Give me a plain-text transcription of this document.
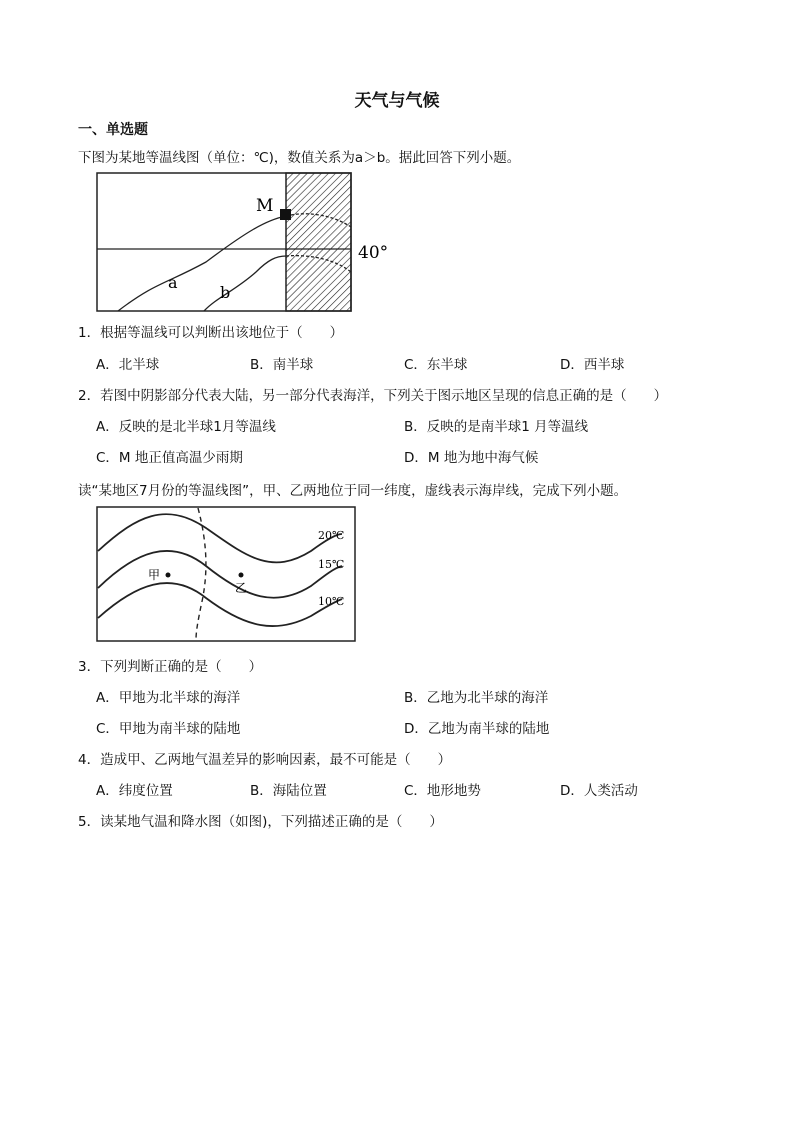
天气与气候
一、单选题
下图为某地等温线图（单位：℃)，数值关系为a＞b。据此回答下列小题。
M
a
b
40°
1．根据等温线可以判断出该地位于（　　）
A．北半球	B．南半球	C．东半球	D．西半球
2．若图中阴影部分代表大陆，另一部分代表海洋，下列关于图示地区呈现的信息正确的是（　　）
A．反映的是北半球1月等温线	B．反映的是南半球1 月等温线
C．M 地正值高温少雨期	D．M 地为地中海气候
读“某地区7月份的等温线图”，甲、乙两地位于同一纬度，虚线表示海岸线，完成下列小题。
甲
乙
20℃
15℃
10℃
3．下列判断正确的是（　　）
A．甲地为北半球的海洋	B．乙地为北半球的海洋
C．甲地为南半球的陆地	D．乙地为南半球的陆地
4．造成甲、乙两地气温差异的影响因素，最不可能是（　　）
A．纬度位置	B．海陆位置	C．地形地势	D．人类活动
5．读某地气温和降水图（如图)，下列描述正确的是（　　）
